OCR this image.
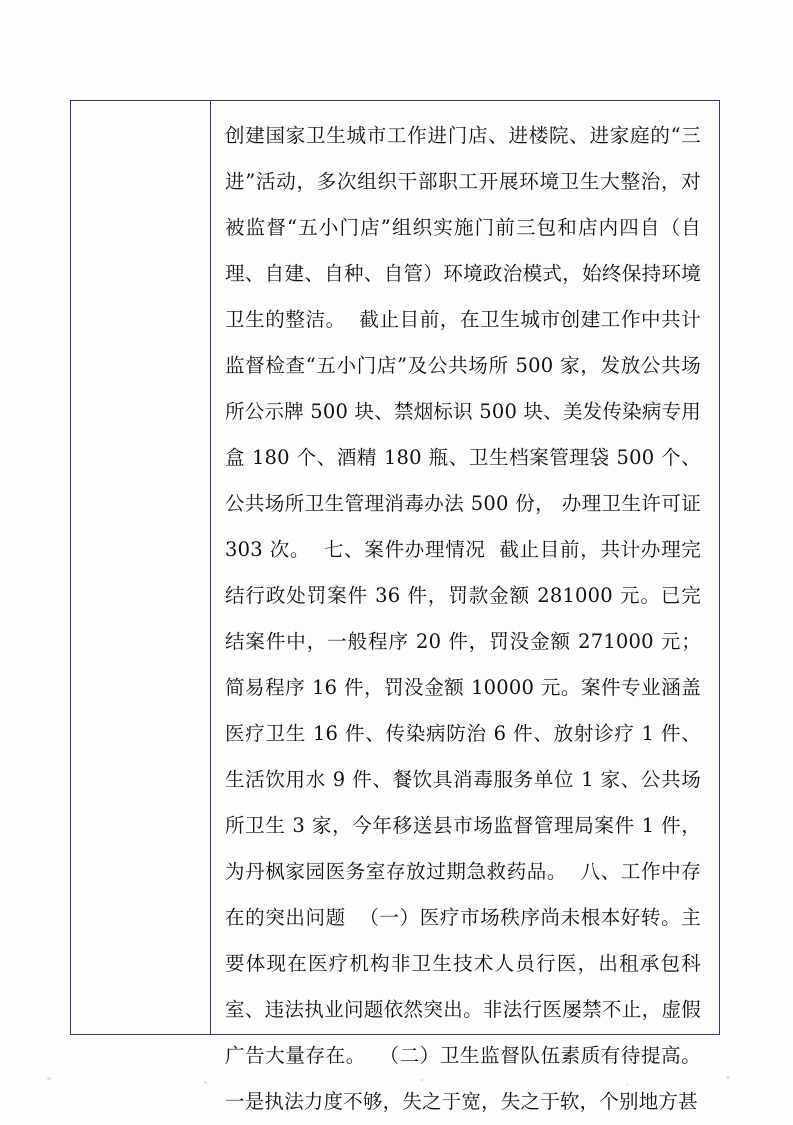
创建国家卫生城市工作进门店、进楼院、进家庭的“三进”活动，多次组织干部职工开展环境卫生大整治，对被监督“五小门店”组织实施门前三包和店内四自（自理、自建、自种、自管）环境政治模式，始终保持环境卫生的整洁。  截止目前，在卫生城市创建工作中共计监督检查“五小门店”及公共场所 500 家，发放公共场所公示牌 500 块、禁烟标识 500 块、美发传染病专用盒 180 个、酒精 180 瓶、卫生档案管理袋 500 个、公共场所卫生管理消毒办法 500 份， 办理卫生许可证 303 次。  七、案件办理情况  截止目前，共计办理完结行政处罚案件 36 件，罚款金额 281000 元。已完结案件中，一般程序 20 件，罚没金额 271000 元；简易程序 16 件，罚没金额 10000 元。案件专业涵盖医疗卫生 16 件、传染病防治 6 件、放射诊疗 1 件、生活饮用水 9 件、餐饮具消毒服务单位 1 家、公共场所卫生 3 家，今年移送县市场监督管理局案件 1 件，为丹枫家园医务室存放过期急救药品。  八、工作中存在的突出问题  （一）医疗市场秩序尚未根本好转。主要体现在医疗机构非卫生技术人员行医，出租承包科室、违法执业问题依然突出。非法行医屡禁不止，虚假广告大量存在。  （二）卫生监督队伍素质有待提高。一是执法力度不够，失之于宽，失之于软，个别地方甚
